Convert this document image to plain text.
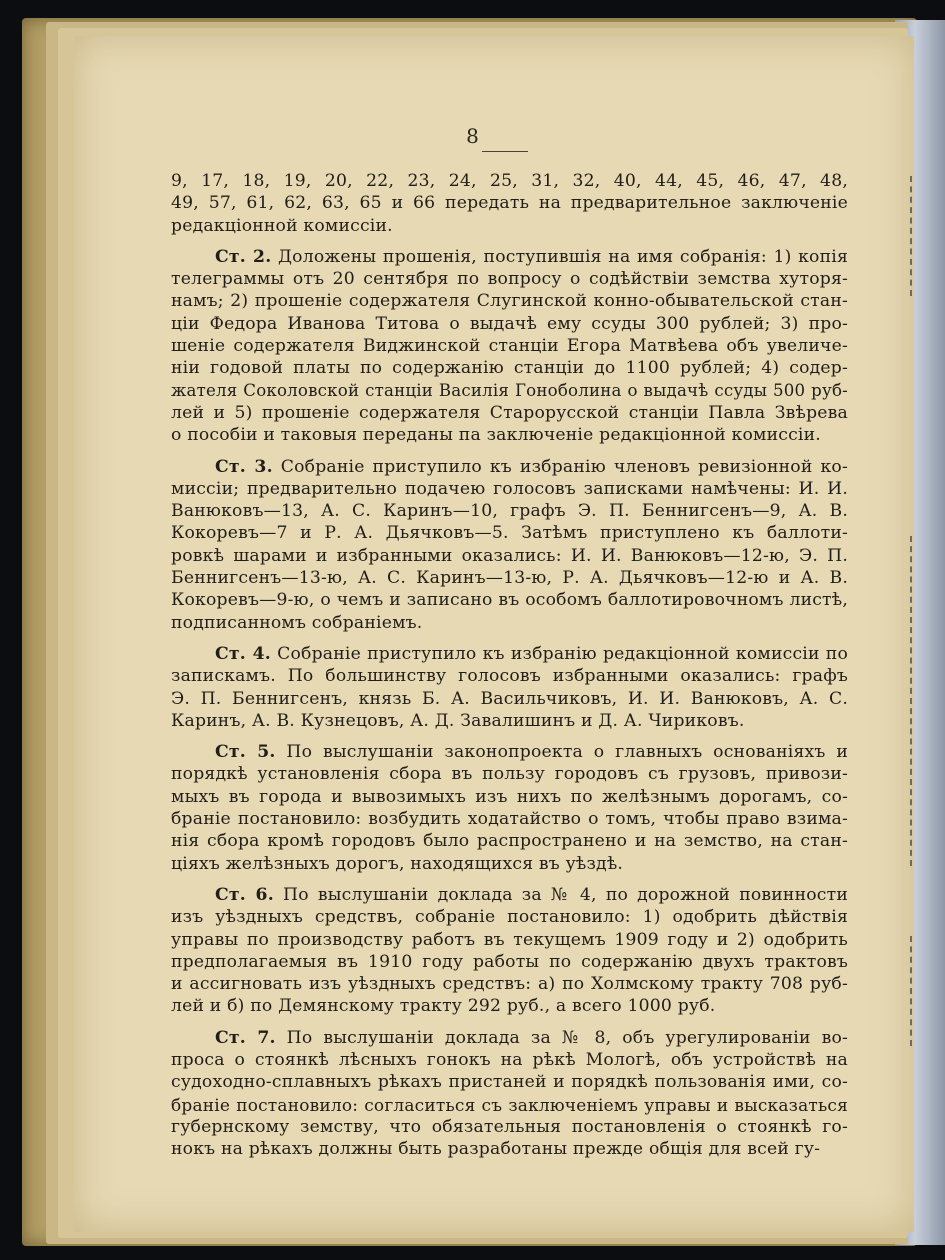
8
9, 17, 18, 19, 20, 22, 23, 24, 25, 31, 32, 40, 44, 45, 46, 47, 48,
49, 57, 61, 62, 63, 65 и 66 передать на предварительное заключеніе
редакціонной комиссіи.
Ст. 2. Доложены прошенія, поступившія на имя собранія: 1) копія
телеграммы отъ 20 сентября по вопросу о содѣйствіи земства хуторя-
намъ; 2) прошеніе содержателя Слугинской конно-обывательской стан-
ціи Федора Иванова Титова о выдачѣ ему ссуды 300 рублей; 3) про-
шеніе содержателя Виджинской станціи Егора Матвѣева объ увеличе-
ніи годовой платы по содержанію станціи до 1100 рублей; 4) содер-
жателя Соколовской станціи Василія Гоноболина о выдачѣ ссуды 500 руб-
лей и 5) прошеніе содержателя Старорусской станціи Павла Звѣрева
о пособіи и таковыя переданы па заключеніе редакціонной комиссіи.
Ст. 3. Собраніе приступило къ избранію членовъ ревизіонной ко-
миссіи; предварительно подачею голосовъ записками намѣчены: И. И.
Ванюковъ—13, А. С. Каринъ—10, графъ Э. П. Беннигсенъ—9, А. В.
Кокоревъ—7 и Р. А. Дьячковъ—5. Затѣмъ приступлено къ баллоти-
ровкѣ шарами и избранными оказались: И. И. Ванюковъ—12-ю, Э. П.
Беннигсенъ—13-ю, А. С. Каринъ—13-ю, Р. А. Дьячковъ—12-ю и А. В.
Кокоревъ—9-ю, о чемъ и записано въ особомъ баллотировочномъ листѣ,
подписанномъ собраніемъ.
Ст. 4. Собраніе приступило къ избранію редакціонной комиссіи по
запискамъ. По большинству голосовъ избранными оказались: графъ
Э. П. Беннигсенъ, князь Б. А. Васильчиковъ, И. И. Ванюковъ, А. С.
Каринъ, А. В. Кузнецовъ, А. Д. Завалишинъ и Д. А. Чириковъ.
Ст. 5. По выслушаніи законопроекта о главныхъ основаніяхъ и
порядкѣ установленія сбора въ пользу городовъ съ грузовъ, привози-
мыхъ въ города и вывозимыхъ изъ нихъ по желѣзнымъ дорогамъ, со-
браніе постановило: возбудить ходатайство о томъ, чтобы право взима-
нія сбора кромѣ городовъ было распространено и на земство, на стан-
ціяхъ желѣзныхъ дорогъ, находящихся въ уѣздѣ.
Ст. 6. По выслушаніи доклада за № 4, по дорожной повинности
изъ уѣздныхъ средствъ, собраніе постановило: 1) одобрить дѣйствія
управы по производству работъ въ текущемъ 1909 году и 2) одобрить
предполагаемыя въ 1910 году работы по содержанію двухъ трактовъ
и ассигновать изъ уѣздныхъ средствъ: а) по Холмскому тракту 708 руб-
лей и б) по Демянскому тракту 292 руб., а всего 1000 руб.
Ст. 7. По выслушаніи доклада за № 8, объ урегулированіи во-
проса о стоянкѣ лѣсныхъ гонокъ на рѣкѣ Мологѣ, объ устройствѣ на
судоходно-сплавныхъ рѣкахъ пристаней и порядкѣ пользованія ими, со-
браніе постановило: согласиться съ заключеніемъ управы и высказаться
губернскому земству, что обязательныя постановленія о стоянкѣ го-
нокъ на рѣкахъ должны быть разработаны прежде общія для всей гу-
